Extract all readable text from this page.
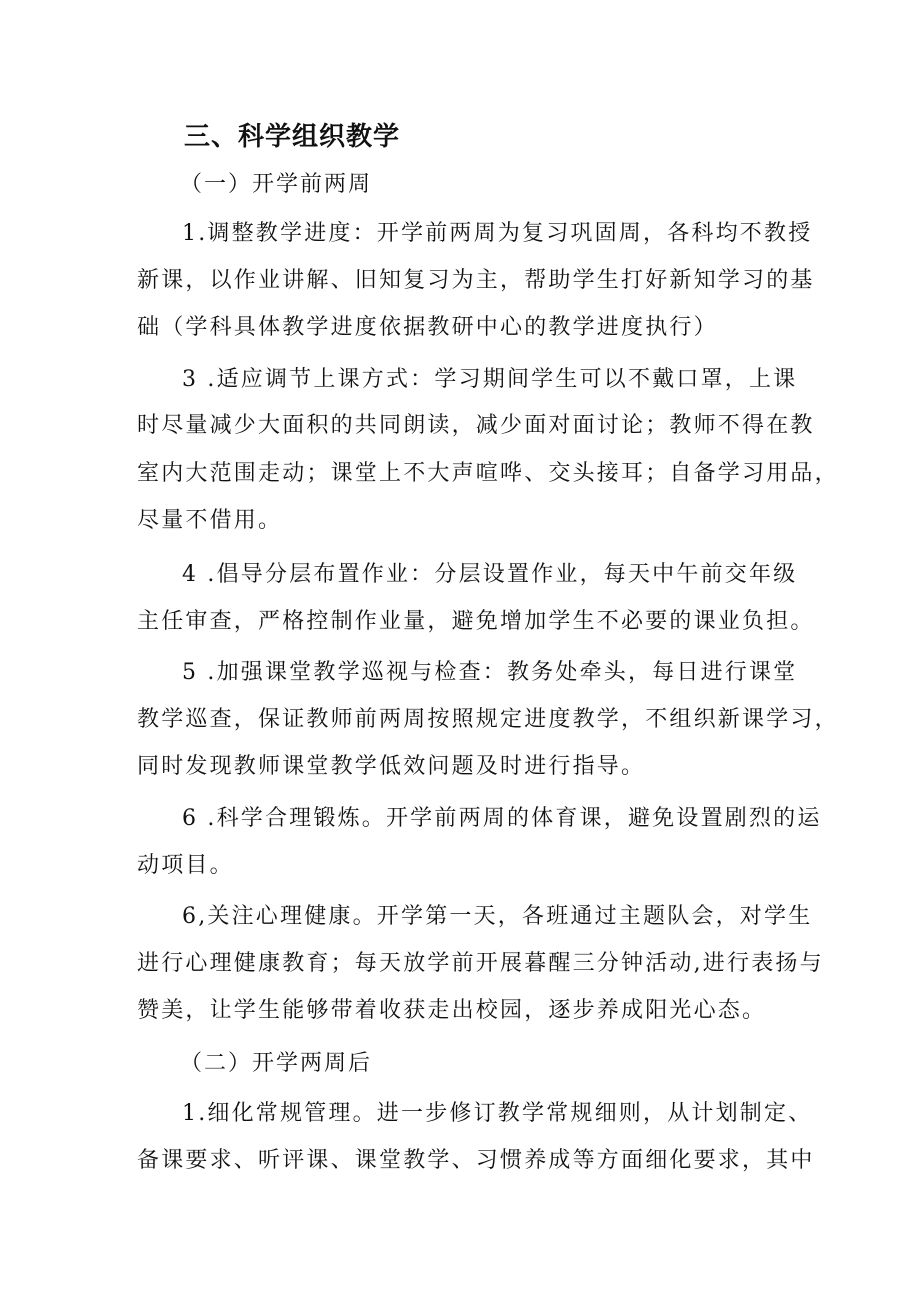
三、科学组织教学
（一）开学前两周
1.调整教学进度：开学前两周为复习巩固周，各科均不教授
新课，以作业讲解、旧知复习为主，帮助学生打好新知学习的基
础（学科具体教学进度依据教研中心的教学进度执行）
3 .适应调节上课方式：学习期间学生可以不戴口罩，上课
时尽量减少大面积的共同朗读，减少面对面讨论；教师不得在教
室内大范围走动；课堂上不大声喧哗、交头接耳；自备学习用品，
尽量不借用。
4 .倡导分层布置作业：分层设置作业，每天中午前交年级
主任审查，严格控制作业量，避免增加学生不必要的课业负担。
5 .加强课堂教学巡视与检查：教务处牵头，每日进行课堂
教学巡查，保证教师前两周按照规定进度教学，不组织新课学习，
同时发现教师课堂教学低效问题及时进行指导。
6 .科学合理锻炼。开学前两周的体育课，避免设置剧烈的运
动项目。
6,关注心理健康。开学第一天，各班通过主题队会，对学生
进行心理健康教育；每天放学前开展暮醒三分钟活动,进行表扬与
赞美，让学生能够带着收获走出校园，逐步养成阳光心态。
（二）开学两周后
1.细化常规管理。进一步修订教学常规细则，从计划制定、
备课要求、听评课、课堂教学、习惯养成等方面细化要求，其中
